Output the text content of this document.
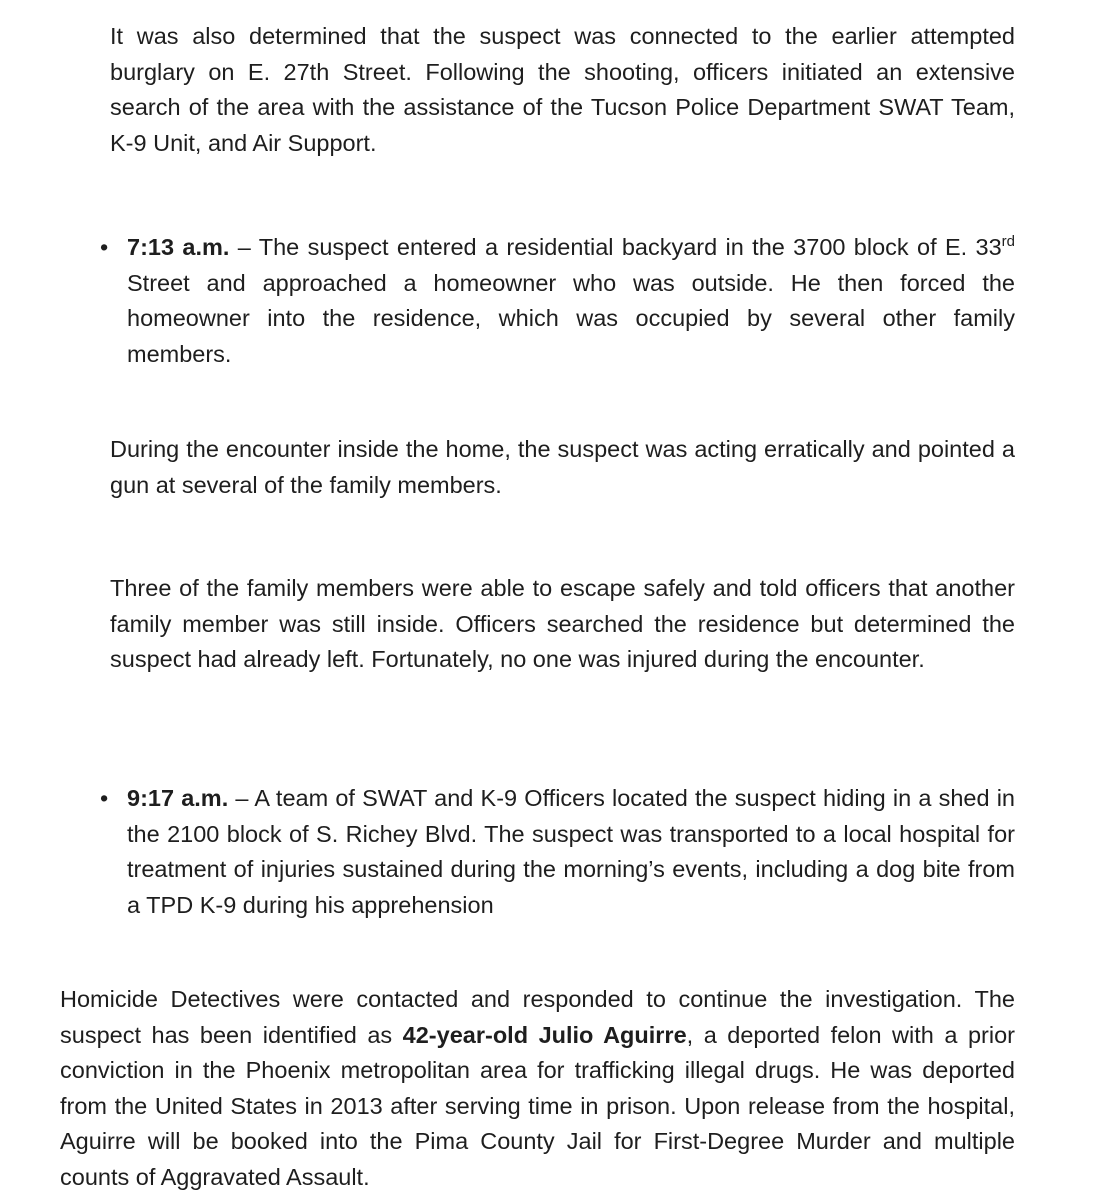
It was also determined that the suspect was connected to the earlier attempted burglary on E. 27th Street. Following the shooting, officers initiated an extensive search of the area with the assistance of the Tucson Police Department SWAT Team, K-9 Unit, and Air Support.

• 7:13 a.m. – The suspect entered a residential backyard in the 3700 block of E. 33rd Street and approached a homeowner who was outside. He then forced the homeowner into the residence, which was occupied by several other family members.

During the encounter inside the home, the suspect was acting erratically and pointed a gun at several of the family members.

Three of the family members were able to escape safely and told officers that another family member was still inside. Officers searched the residence but determined the suspect had already left. Fortunately, no one was injured during the encounter.

• 9:17 a.m. – A team of SWAT and K-9 Officers located the suspect hiding in a shed in the 2100 block of S. Richey Blvd. The suspect was transported to a local hospital for treatment of injuries sustained during the morning’s events, including a dog bite from a TPD K-9 during his apprehension

Homicide Detectives were contacted and responded to continue the investigation. The suspect has been identified as 42-year-old Julio Aguirre, a deported felon with a prior conviction in the Phoenix metropolitan area for trafficking illegal drugs. He was deported from the United States in 2013 after serving time in prison. Upon release from the hospital, Aguirre will be booked into the Pima County Jail for First-Degree Murder and multiple counts of Aggravated Assault.
